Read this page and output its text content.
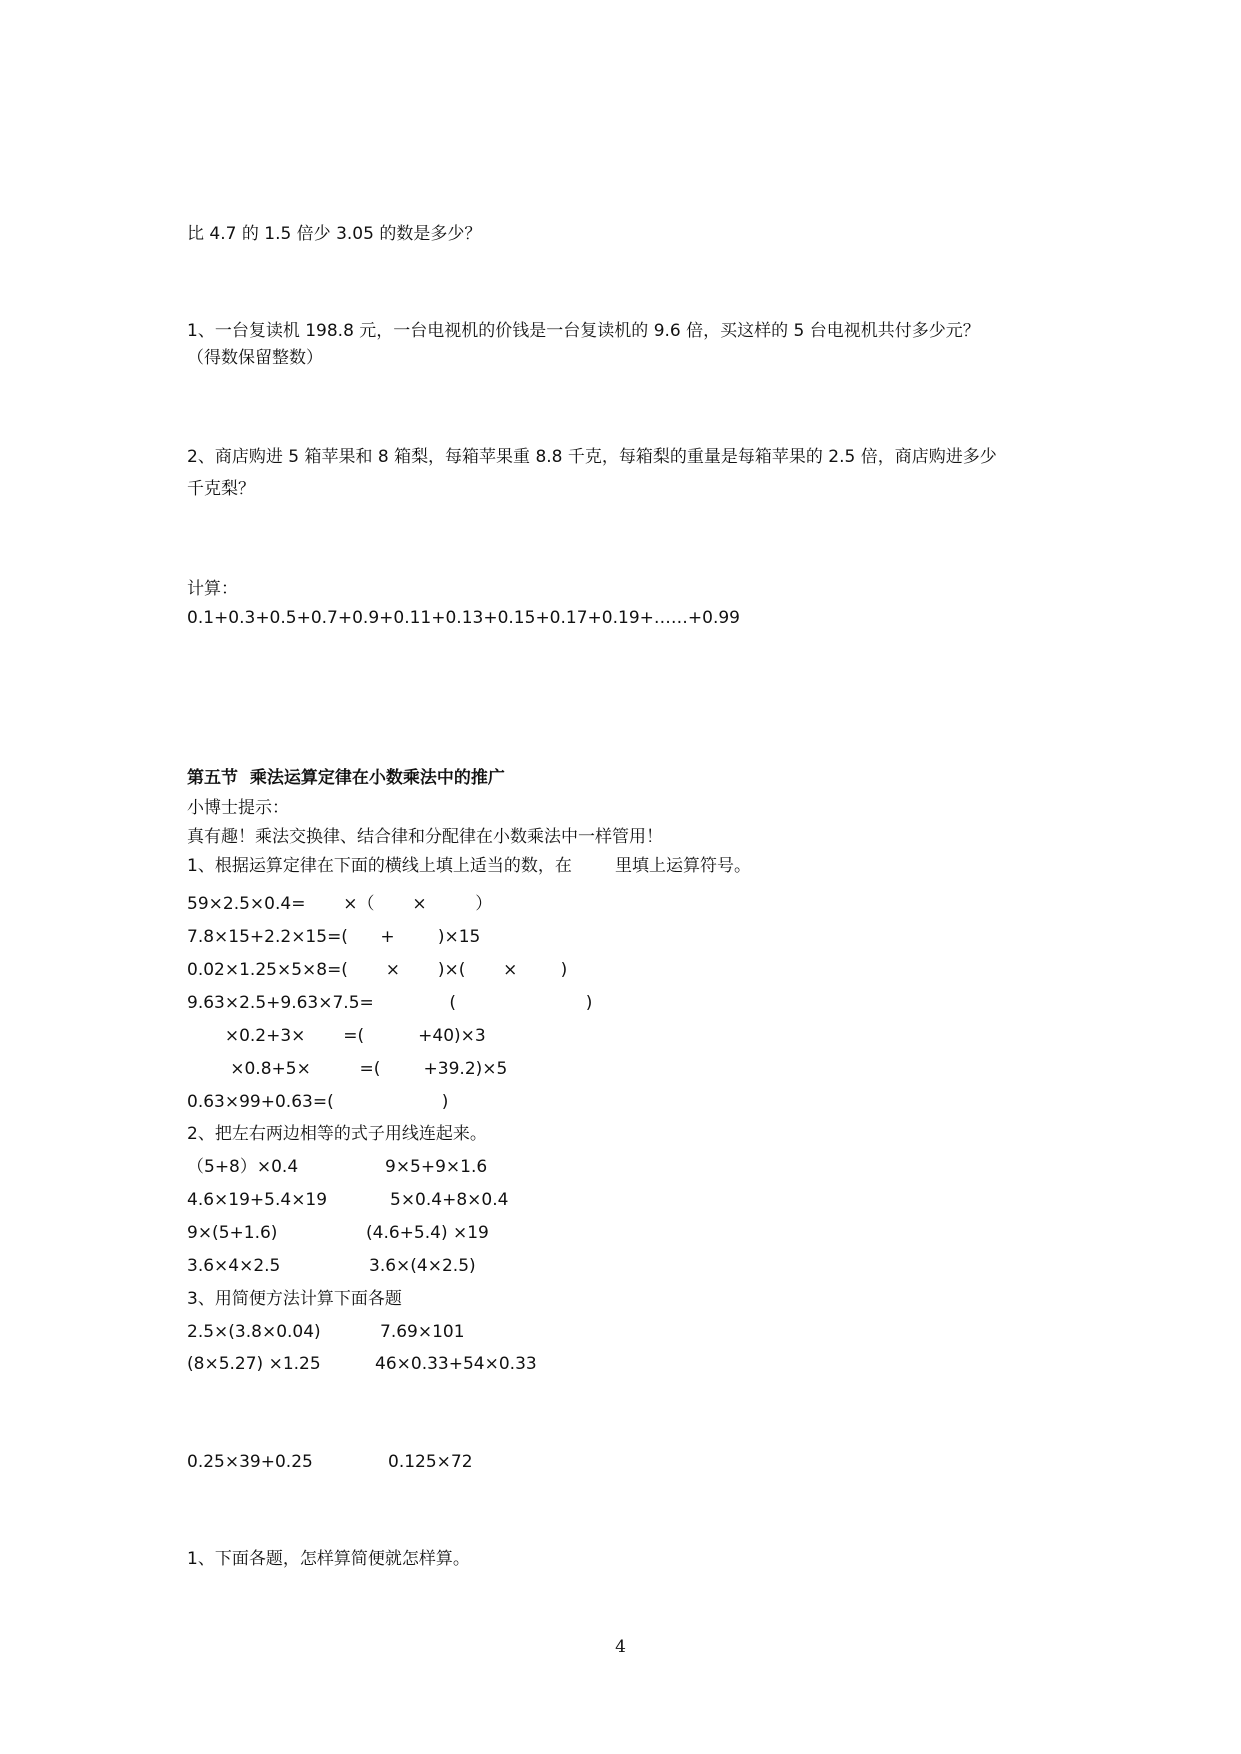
比 4.7 的 1.5 倍少 3.05 的数是多少？

1、一台复读机 198.8 元，一台电视机的价钱是一台复读机的 9.6 倍，买这样的 5 台电视机共付多少元？

（得数保留整数）

2、商店购进 5 箱苹果和 8 箱梨，每箱苹果重 8.8 千克，每箱梨的重量是每箱苹果的 2.5 倍，商店购进多少

千克梨？

计算：

0.1+0.3+0.5+0.7+0.9+0.11+0.13+0.15+0.17+0.19+……+0.99

第五节  乘法运算定律在小数乘法中的推广

小博士提示：

真有趣！乘法交换律、结合律和分配律在小数乘法中一样管用！

1、根据运算定律在下面的横线上填上适当的数，在        里填上运算符号。

59×2.5×0.4=       ×（       ×         ）

7.8×15+2.2×15=(      +        )×15

0.02×1.25×5×8=(       ×       )×(       ×        )

9.63×2.5+9.63×7.5=              (                        )

×0.2+3×       =(          +40)×3

×0.8+5×         =(        +39.2)×5

0.63×99+0.63=(                    )

2、把左右两边相等的式子用线连起来。

（5+8）×0.4	9×5+9×1.6

4.6×19+5.4×19	5×0.4+8×0.4

9×(5+1.6)	(4.6+5.4) ×19

3.6×4×2.5	3.6×(4×2.5)

3、用简便方法计算下面各题

2.5×(3.8×0.04)	7.69×101

(8×5.27) ×1.25	46×0.33+54×0.33

0.25×39+0.25	0.125×72

1、下面各题，怎样算简便就怎样算。

4
